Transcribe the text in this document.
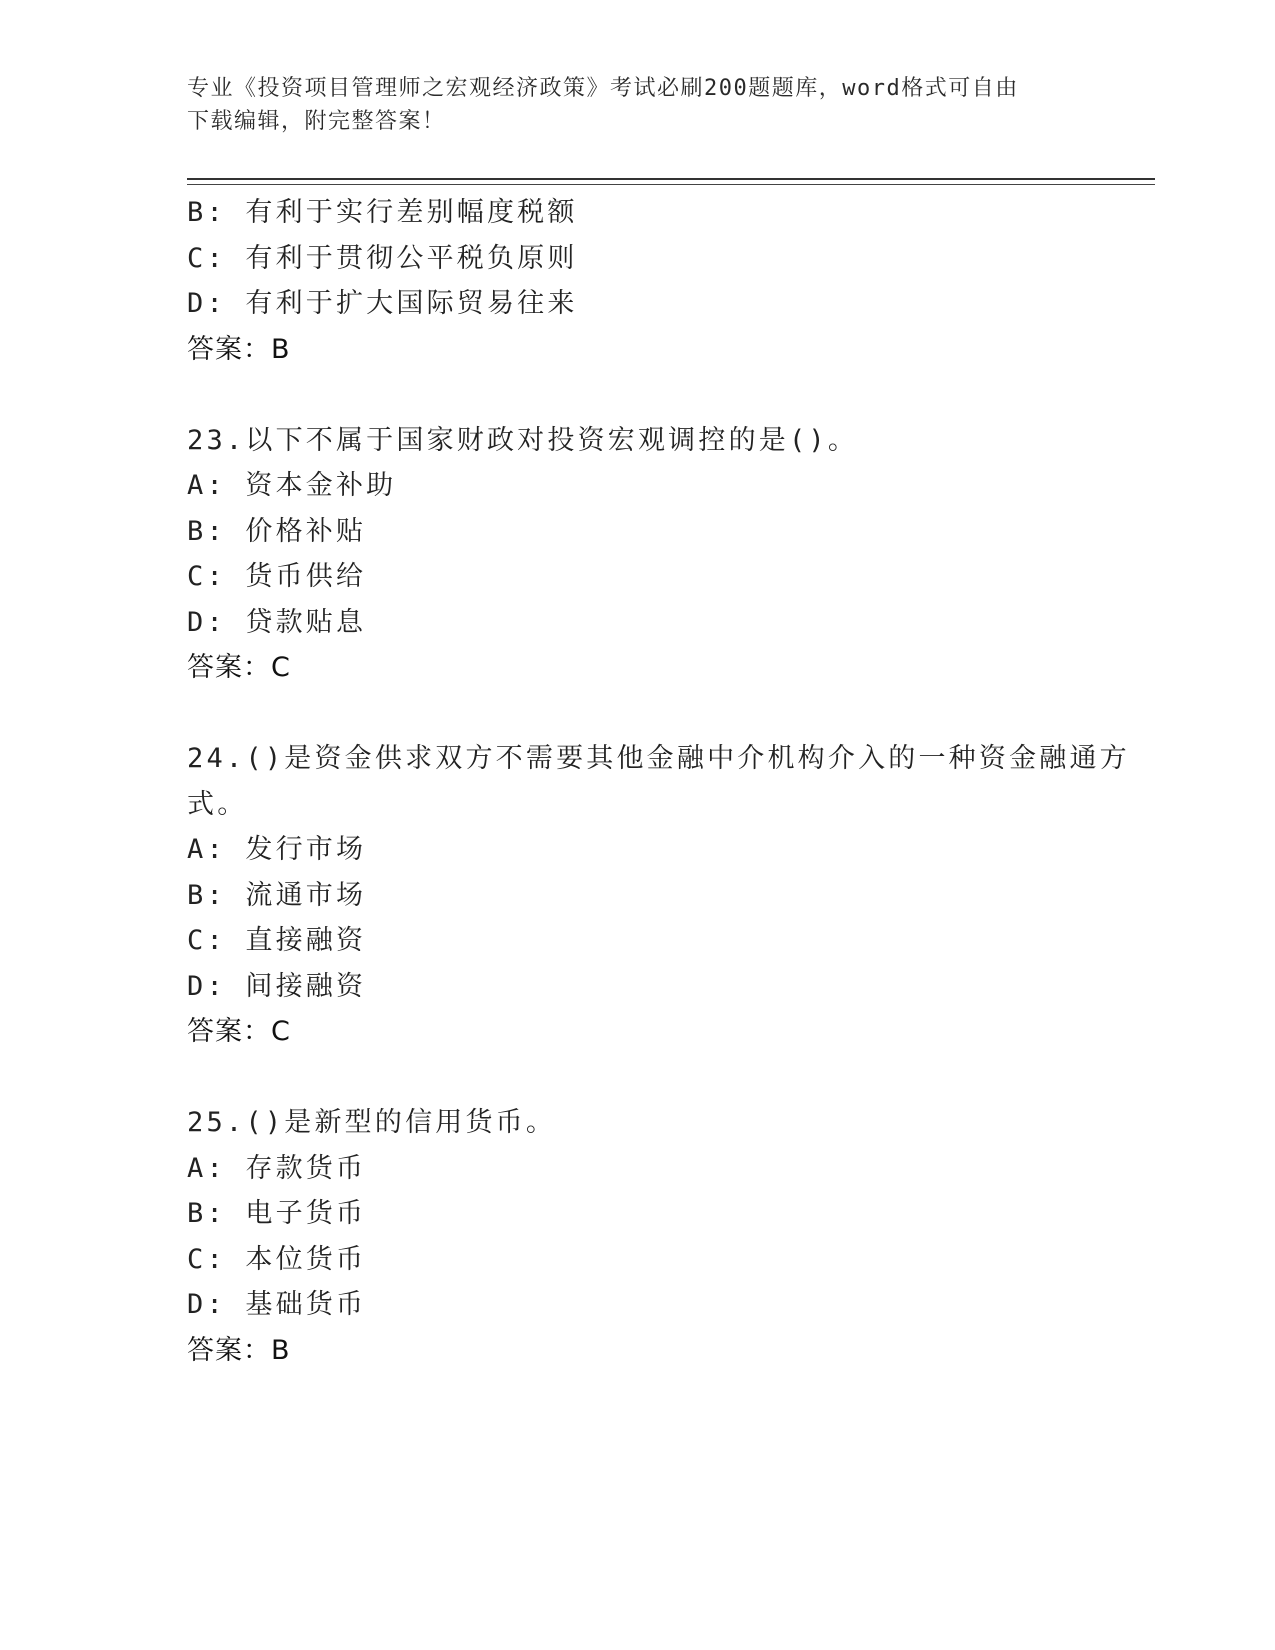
专业《投资项目管理师之宏观经济政策》考试必刷200题题库，word格式可自由
下载编辑，附完整答案！
B: 有利于实行差别幅度税额
C: 有利于贯彻公平税负原则
D: 有利于扩大国际贸易往来
答案：B
23.以下不属于国家财政对投资宏观调控的是()。
A: 资本金补助
B: 价格补贴
C: 货币供给
D: 贷款贴息
答案：C
24.()是资金供求双方不需要其他金融中介机构介入的一种资金融通方
式。
A: 发行市场
B: 流通市场
C: 直接融资
D: 间接融资
答案：C
25.()是新型的信用货币。
A: 存款货币
B: 电子货币
C: 本位货币
D: 基础货币
答案：B
